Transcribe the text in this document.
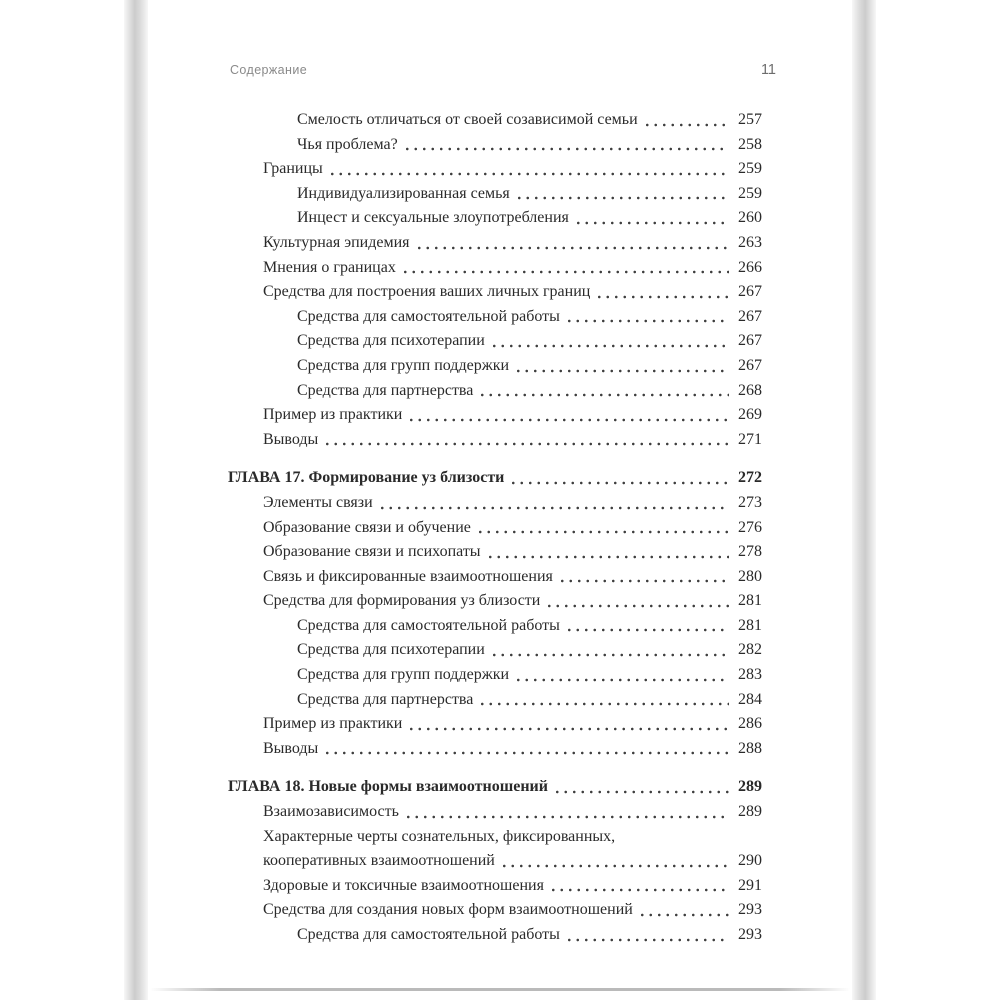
Содержание	11
Смелость отличаться от своей созависимой семьи	257
Чья проблема?	258
Границы	259
Индивидуализированная семья	259
Инцест и сексуальные злоупотребления	260
Культурная эпидемия	263
Мнения о границах	266
Средства для построения ваших личных границ	267
Средства для самостоятельной работы	267
Средства для психотерапии	267
Средства для групп поддержки	267
Средства для партнерства	268
Пример из практики	269
Выводы	271
ГЛАВА 17. Формирование уз близости	272
Элементы связи	273
Образование связи и обучение	276
Образование связи и психопаты	278
Связь и фиксированные взаимоотношения	280
Средства для формирования уз близости	281
Средства для самостоятельной работы	281
Средства для психотерапии	282
Средства для групп поддержки	283
Средства для партнерства	284
Пример из практики	286
Выводы	288
ГЛАВА 18. Новые формы взаимоотношений	289
Взаимозависимость	289
Характерные черты сознательных, фиксированных,
кооперативных взаимоотношений	290
Здоровые и токсичные взаимоотношения	291
Средства для создания новых форм взаимоотношений	293
Средства для самостоятельной работы	293
